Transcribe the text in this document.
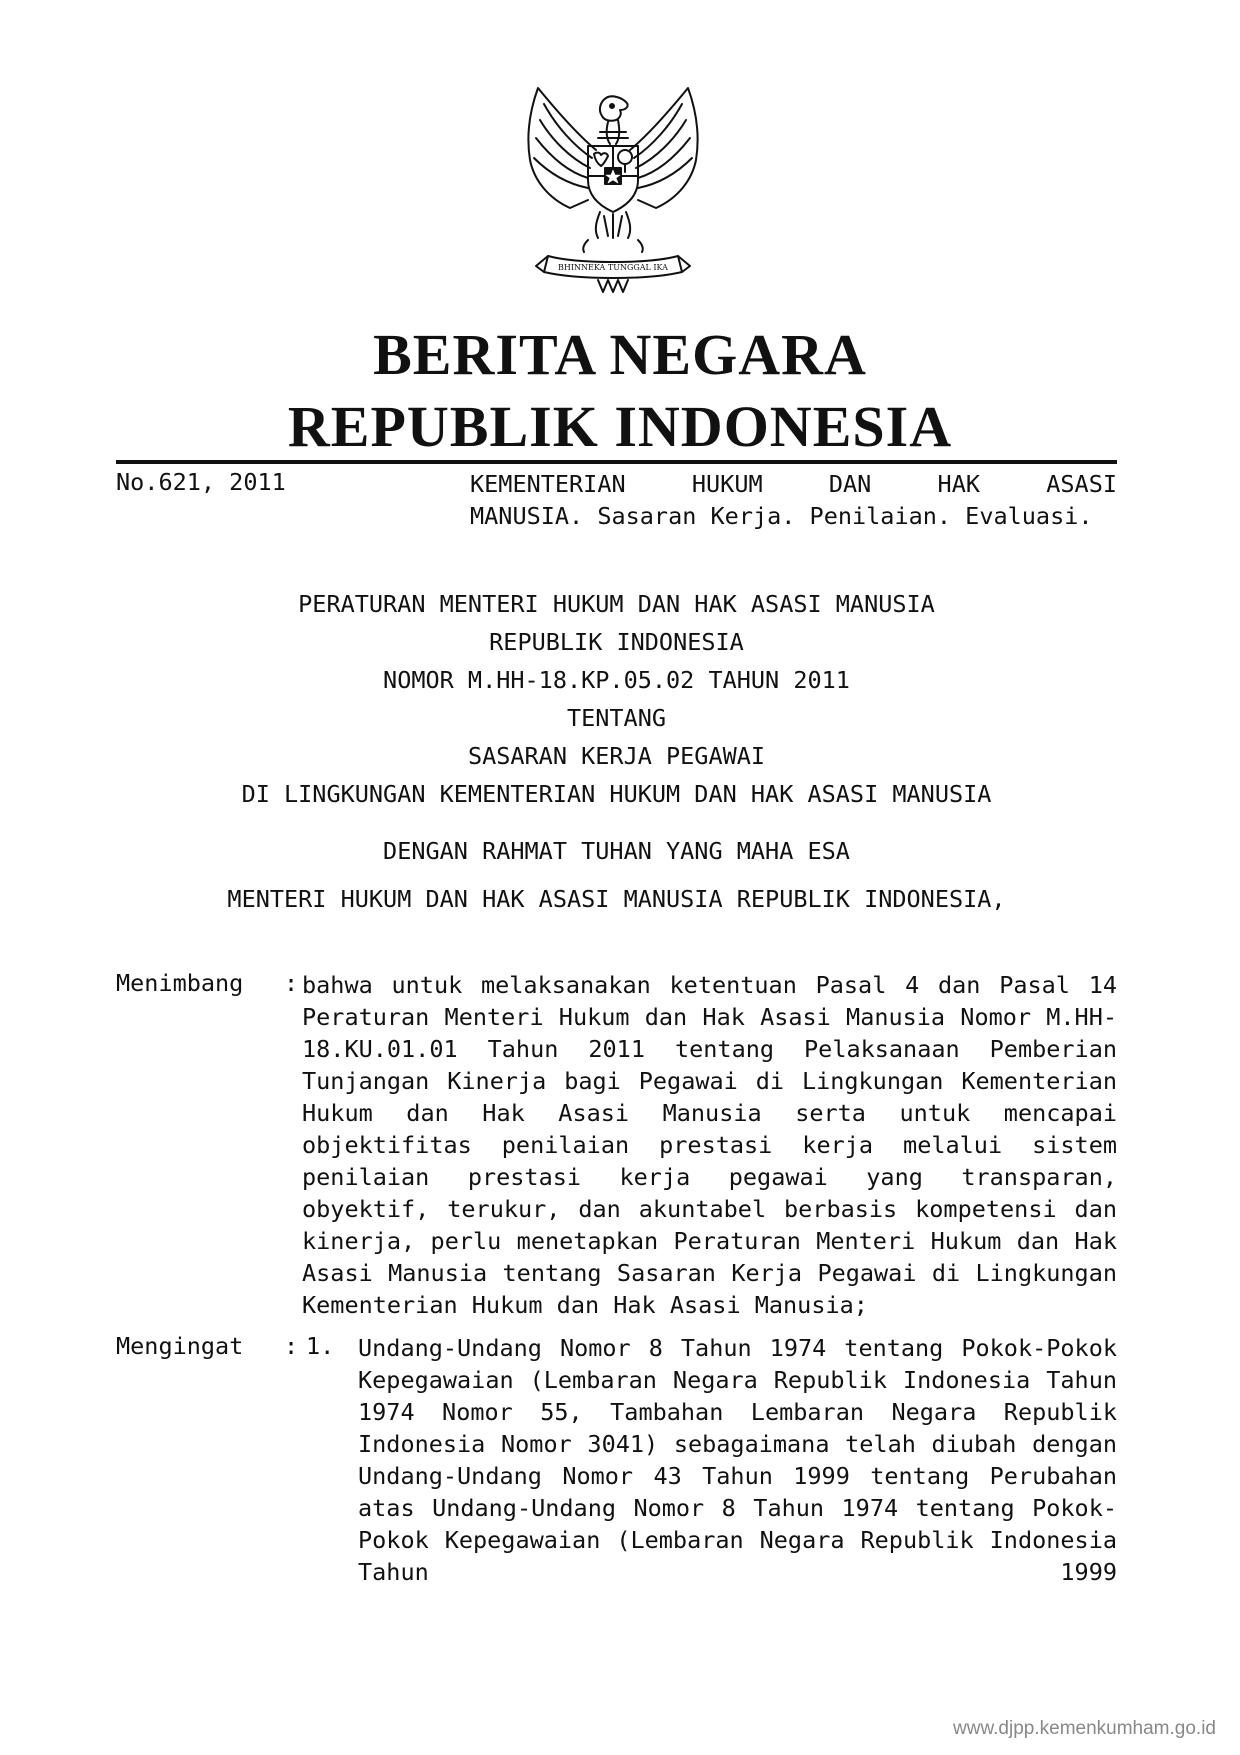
BHINNEKA TUNGGAL IKA
BERITA NEGARA
REPUBLIK INDONESIA
No.621, 2011	KEMENTERIAN HUKUM DAN HAK ASASI
MANUSIA. Sasaran Kerja. Penilaian. Evaluasi.
PERATURAN MENTERI HUKUM DAN HAK ASASI MANUSIA
REPUBLIK INDONESIA
NOMOR M.HH-18.KP.05.02 TAHUN 2011
TENTANG
SASARAN KERJA PEGAWAI
DI LINGKUNGAN KEMENTERIAN HUKUM DAN HAK ASASI MANUSIA
DENGAN RAHMAT TUHAN YANG MAHA ESA
MENTERI HUKUM DAN HAK ASASI MANUSIA REPUBLIK INDONESIA,
Menimbang : bahwa untuk melaksanakan ketentuan Pasal 4 dan Pasal 14 Peraturan Menteri Hukum dan Hak Asasi Manusia Nomor M.HH-18.KU.01.01 Tahun 2011 tentang Pelaksanaan Pemberian Tunjangan Kinerja bagi Pegawai di Lingkungan Kementerian Hukum dan Hak Asasi Manusia serta untuk mencapai objektifitas penilaian prestasi kerja melalui sistem penilaian prestasi kerja pegawai yang transparan, obyektif, terukur, dan akuntabel berbasis kompetensi dan kinerja, perlu menetapkan Peraturan Menteri Hukum dan Hak Asasi Manusia tentang Sasaran Kerja Pegawai di Lingkungan Kementerian Hukum dan Hak Asasi Manusia;
Mengingat : 1. Undang-Undang Nomor 8 Tahun 1974 tentang Pokok-Pokok Kepegawaian (Lembaran Negara Republik Indonesia Tahun 1974 Nomor 55, Tambahan Lembaran Negara Republik Indonesia Nomor 3041) sebagaimana telah diubah dengan Undang-Undang Nomor 43 Tahun 1999 tentang Perubahan atas Undang-Undang Nomor 8 Tahun 1974 tentang Pokok-Pokok Kepegawaian (Lembaran Negara Republik Indonesia Tahun 1999
www.djpp.kemenkumham.go.id
